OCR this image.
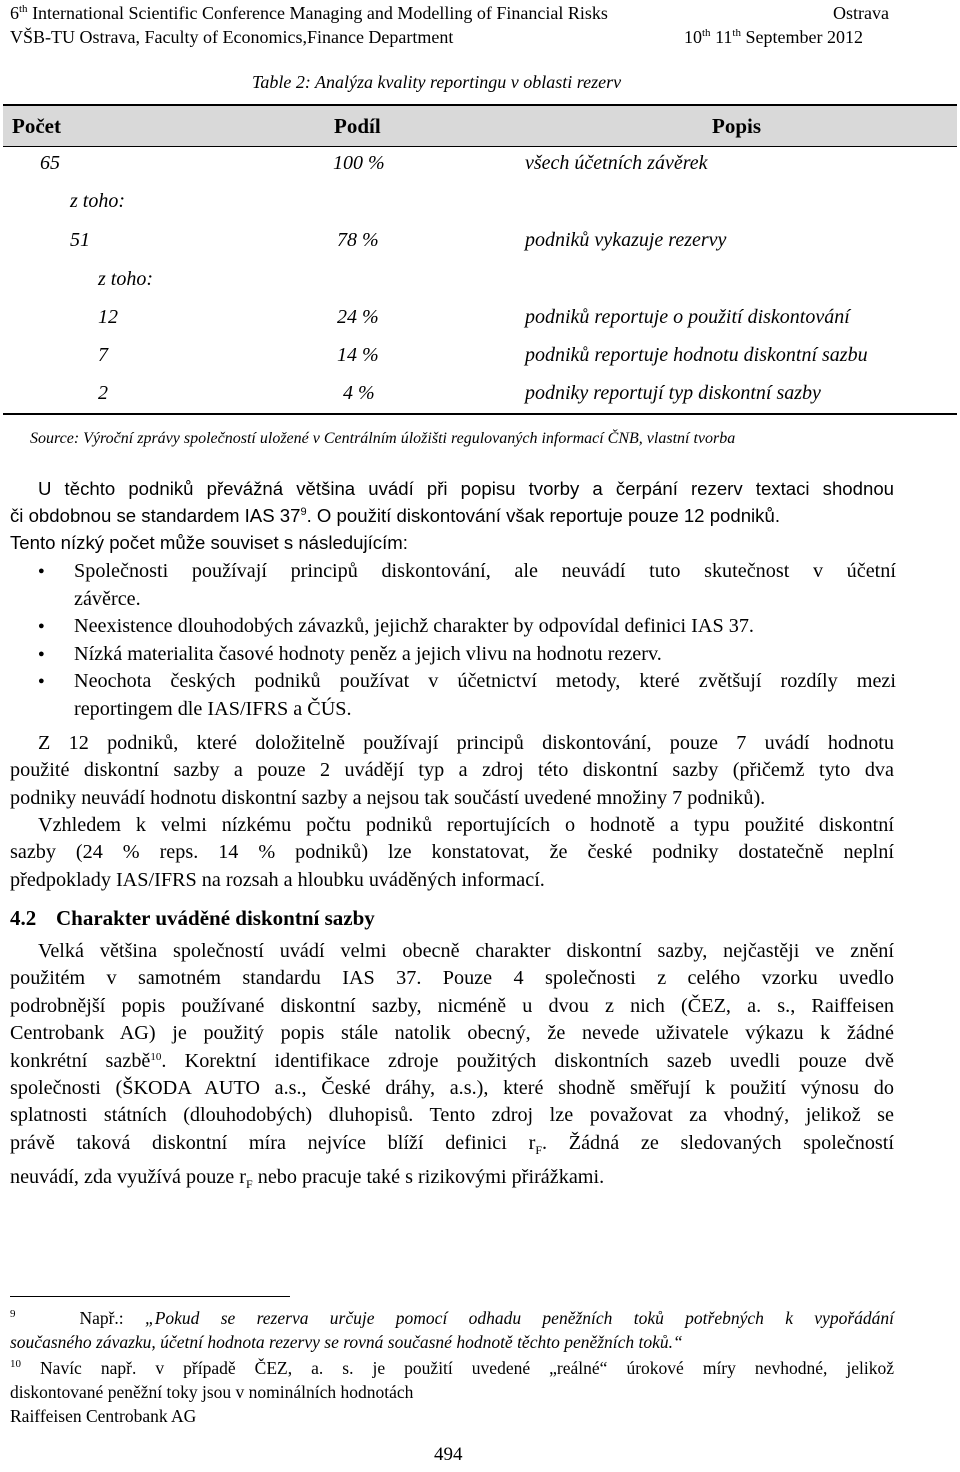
6th International Scientific Conference Managing and Modelling of Financial Risks	Ostrava
VŠB-TU Ostrava, Faculty of Economics,Finance Department	10th 11th September 2012
Table 2: Analýza kvality reportingu v oblasti rezerv
Počet	Podíl	Popis
65	100 %	všech účetních závěrek
z toho:
51	78 %	podniků vykazuje rezervy
z toho:
12	24 %	podniků reportuje o použití diskontování
7	14 %	podniků reportuje hodnotu diskontní sazbu
2	4 %	podniky reportují typ diskontní sazby
Source: Výroční zprávy společností uložené v Centrálním úložišti regulovaných informací ČNB, vlastní tvorba
U těchto podniků převážná většina uvádí při popisu tvorby a čerpání rezerv textaci shodnou
či obdobnou se standardem IAS $37^9$. O použití diskontování však reportuje pouze 12 podniků.
Tento nízký počet může souviset s následujícím:
● Společnosti používají principů diskontování, ale neuvádí tuto skutečnost v účetní
závěrce.
● Neexistence dlouhodobých závazků, jejichž charakter by odpovídal definici IAS 37.
● Nízká materialita časové hodnoty peněz a jejich vlivu na hodnotu rezerv.
● Neochota českých podniků používat v účetnictví metody, které zvětšují rozdíly mezi
reportingem dle IAS/IFRS a ČÚS.
Z 12 podniků, které doložitelně používají principů diskontování, pouze 7 uvádí hodnotu
použité diskontní sazby a pouze 2 uvádějí typ a zdroj této diskontní sazby (přičemž tyto dva
podniky neuvádí hodnotu diskontní sazby a nejsou tak součástí uvedené množiny 7 podniků).
Vzhledem k velmi nízkému počtu podniků reportujících o hodnotě a typu použité diskontní
sazby (24 % reps. 14 % podniků) lze konstatovat, že české podniky dostatečně neplní
předpoklady IAS/IFRS na rozsah a hloubku uváděných informací.
4.2 Charakter uváděné diskontní sazby
Velká většina společností uvádí velmi obecně charakter diskontní sazby, nejčastěji ve znění
použitém v samotném standardu IAS 37. Pouze 4 společnosti z celého vzorku uvedlo
podrobnější popis používané diskontní sazby, nicméně u dvou z nich (ČEZ, a. s., Raiffeisen
Centrobank AG) je použitý popis stále natolik obecný, že nevede uživatele výkazu k žádné
konkrétní sazbě$^{10}$. Korektní identifikace zdroje použitých diskontních sazeb uvedli pouze dvě
společnosti (ŠKODA AUTO a.s., České dráhy, a.s.), které shodně směřují k použití výnosu do
splatnosti státních (dlouhodobých) dluhopisů. Tento zdroj lze považovat za vhodný, jelikož se
právě taková diskontní míra nejvíce blíží definici $r_F$. Žádná ze sledovaných společností
neuvádí, zda využívá pouze $r_F$ nebo pracuje také s rizikovými přirážkami.
$^9$	Např.: „Pokud se rezerva určuje pomocí odhadu peněžních toků potřebných k vypořádání
současného závazku, účetní hodnota rezervy se rovná současné hodnotě těchto peněžních toků.“
$^{10}$ Navíc např. v případě ČEZ, a. s. je použití uvedené „reálné“ úrokové míry nevhodné, jelikož
diskontované peněžní toky jsou v nominálních hodnotách
Raiffeisen Centrobank AG
494
